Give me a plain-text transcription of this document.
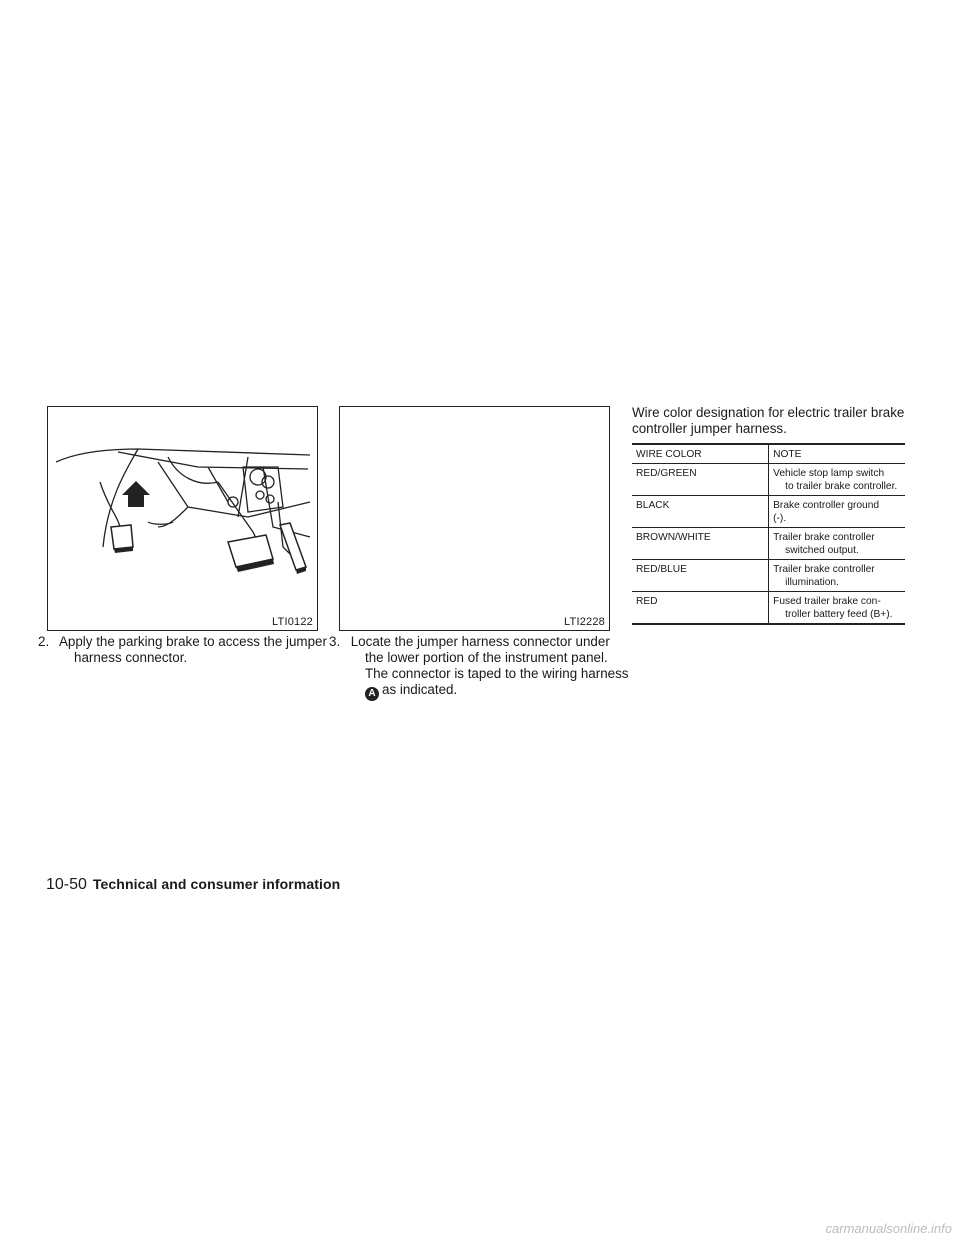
LTI0122	LTI2228

2. Apply the parking brake to access the jumper harness connector.

3. Locate the jumper harness connector under the lower portion of the instrument panel. The connector is taped to the wiring harness
A as indicated.

Wire color designation for electric trailer brake controller jumper harness.

WIRE COLOR	NOTE
RED/GREEN	Vehicle stop lamp switch
to trailer brake controller.

BLACK	Brake controller ground
(-).

BROWN/WHITE	Trailer brake controller
switched output.

RED/BLUE	Trailer brake controller
illumination.

RED	Fused trailer brake con-
troller battery feed (B+).
10-50 Technical and consumer information
carmanualsonline.info
